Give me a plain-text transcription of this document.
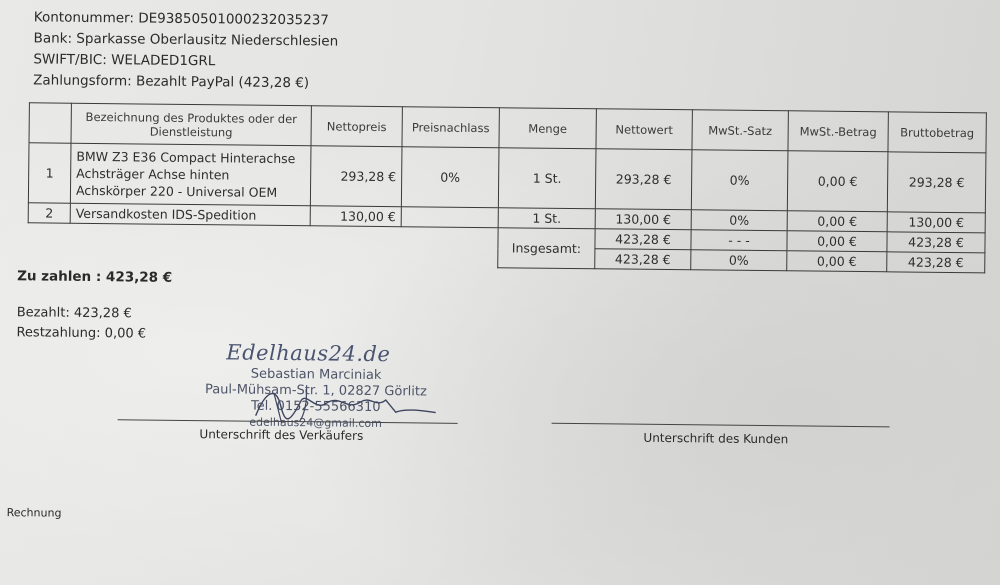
Kontonummer: DE93850501000232035237
Bank: Sparkasse Oberlausitz Niederschlesien
SWIFT/BIC: WELADED1GRL
Zahlungsform: Bezahlt PayPal (423,28 €)
	Bezeichnung des Produktes oder der Dienstleistung	Nettopreis	Preisnachlass	Menge	Nettowert	MwSt.-Satz	MwSt.-Betrag	Bruttobetrag
1	BMW Z3 E36 Compact Hinterachse
Achsträger Achse hinten
Achskörper 220 - Universal OEM	293,28 €	0%	1 St.	293,28 €	0%	0,00 €	293,28 €
2	Versandkosten IDS-Spedition	130,00 €		1 St.	130,00 €	0%	0,00 €	130,00 €
				Insgesamt:	423,28 €	- - -	0,00 €	423,28 €
					423,28 €	0%	0,00 €	423,28 €
Zu zahlen : 423,28 €
Bezahlt: 423,28 €
Restzahlung: 0,00 €
Edelhaus24.de
Sebastian Marciniak
Paul-Mühsam-Str. 1, 02827 Görlitz
Tel. 0152-55566310
edelhaus24@gmail.com
Unterschrift des Verkäufers	Unterschrift des Kunden
Rechnung
